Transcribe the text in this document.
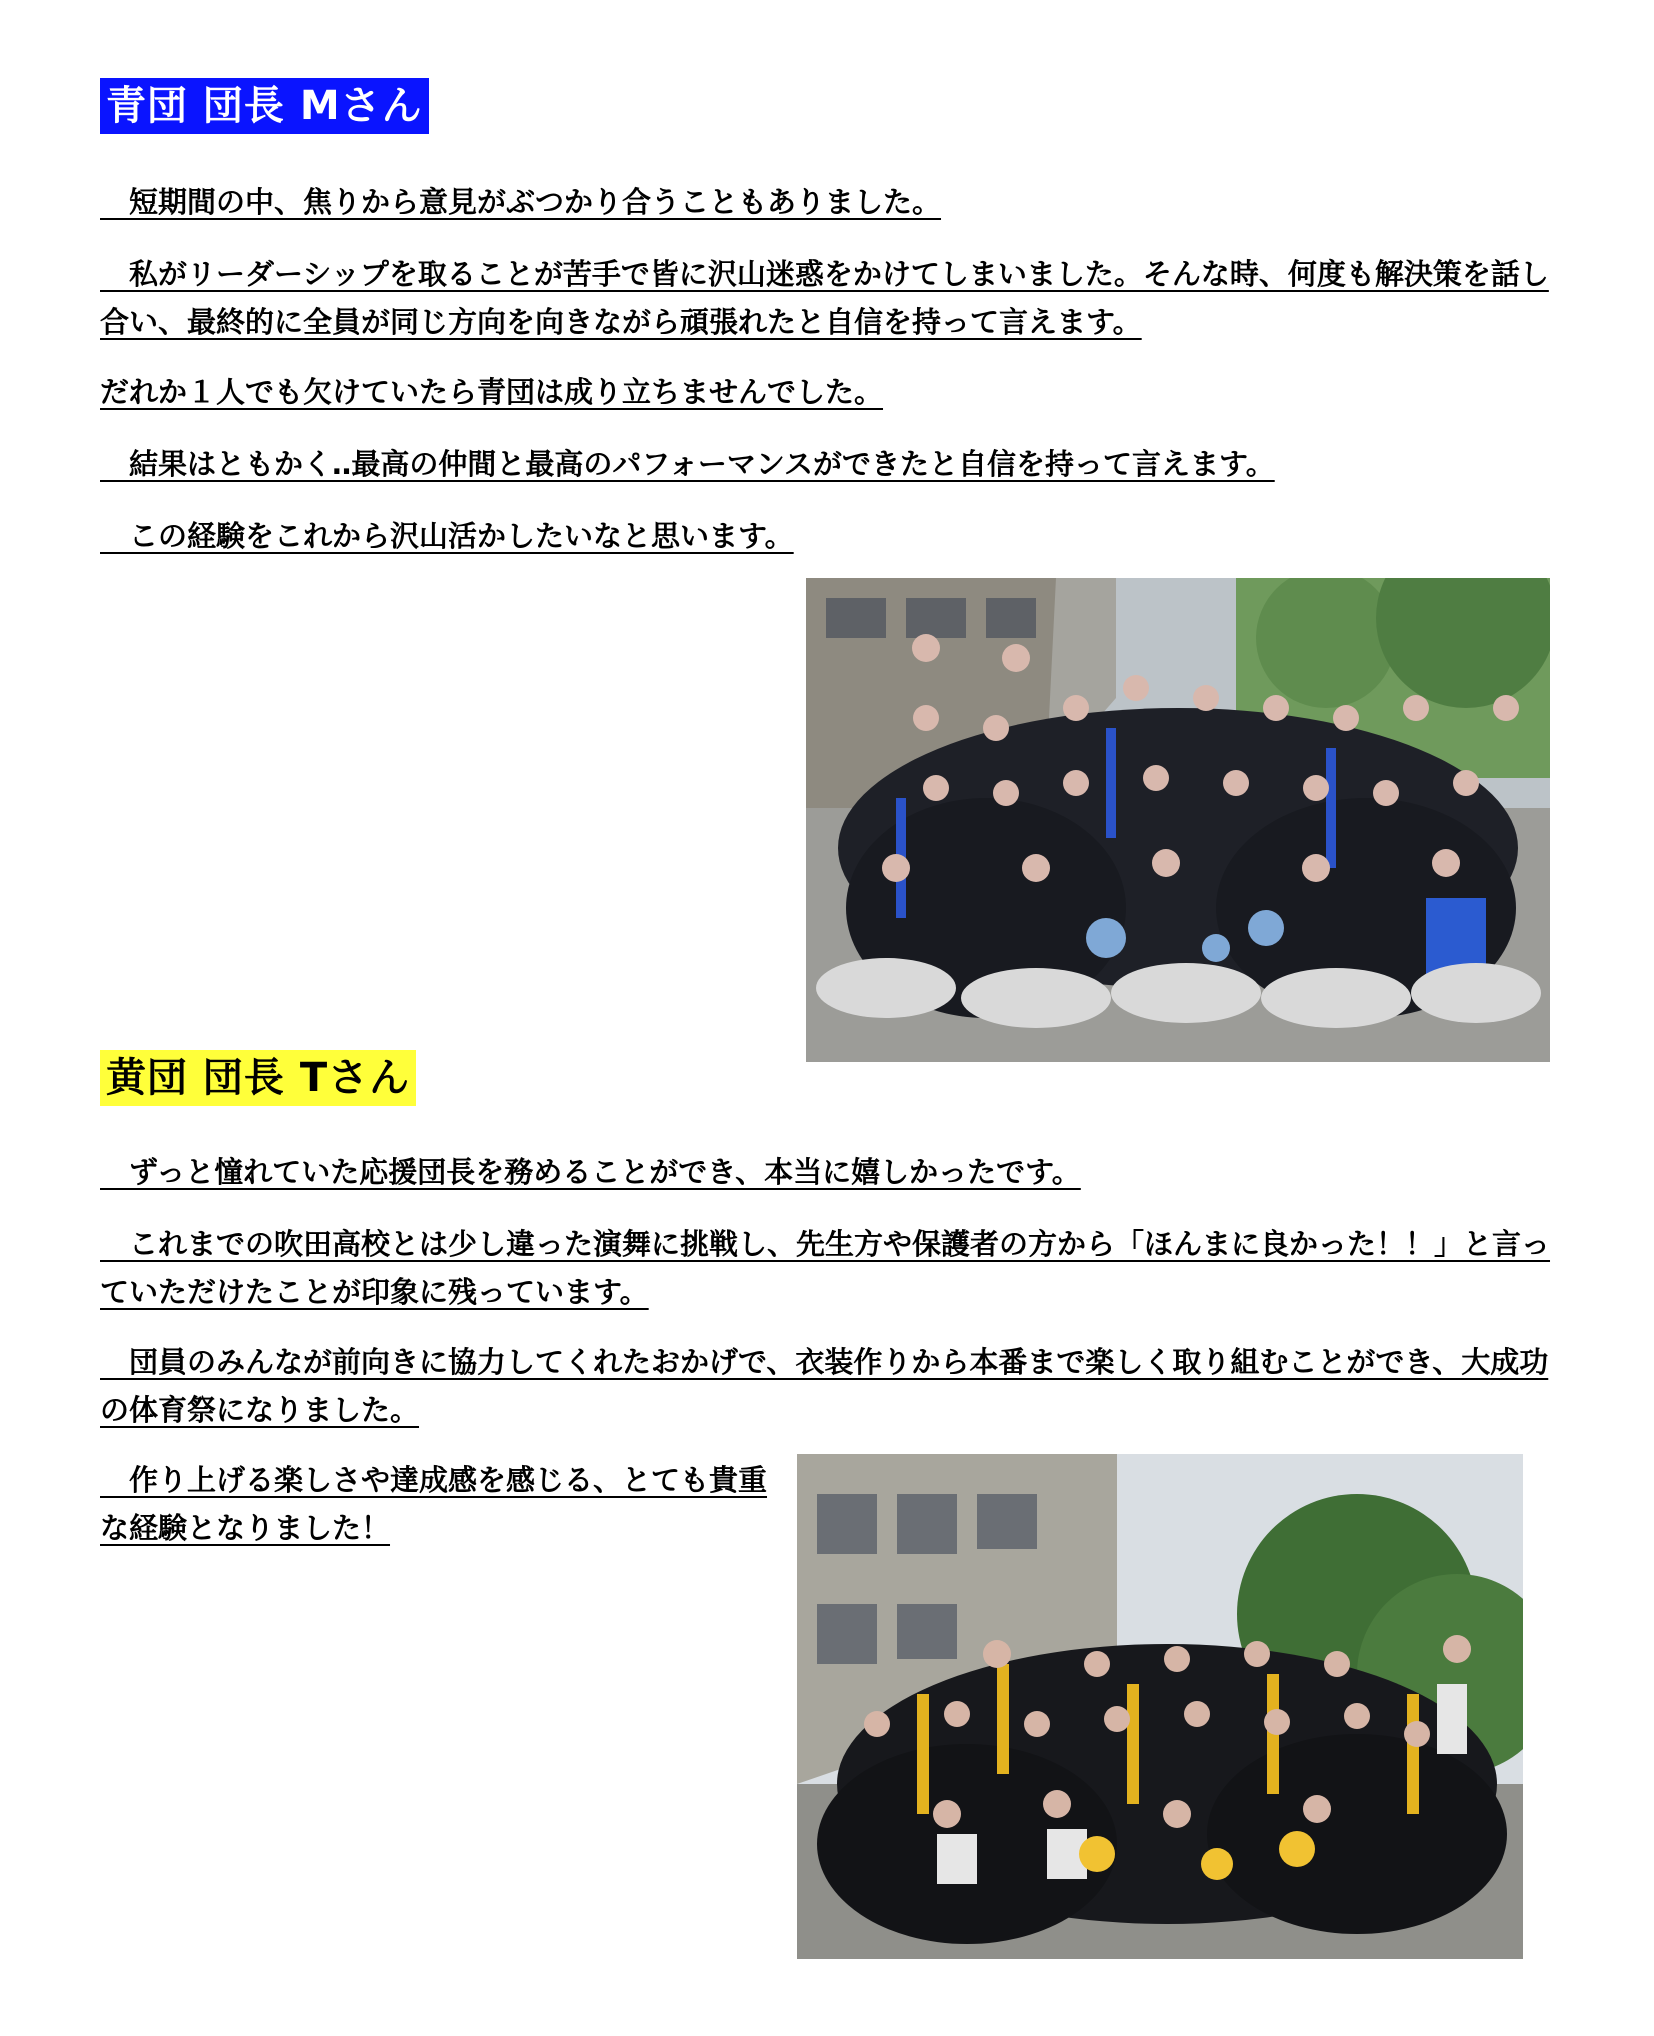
青団 団長 Mさん

　短期間の中、焦りから意見がぶつかり合うこともありました。

　私がリーダーシップを取ることが苦手で皆に沢山迷惑をかけてしまいました。そんな時、何度も解決策を話し合い、最終的に全員が同じ方向を向きながら頑張れたと自信を持って言えます。

だれか１人でも欠けていたら青団は成り立ちませんでした。

　結果はともかく‥最高の仲間と最高のパフォーマンスができたと自信を持って言えます。

　この経験をこれから沢山活かしたいなと思います。

黄団 団長 Tさん

　ずっと憧れていた応援団長を務めることができ、本当に嬉しかったです。

　これまでの吹田高校とは少し違った演舞に挑戦し、先生方や保護者の方から「ほんまに良かった！！」と言っていただけたことが印象に残っています。

　団員のみんなが前向きに協力してくれたおかげで、衣装作りから本番まで楽しく取り組むことができ、大成功の体育祭になりました。

　作り上げる楽しさや達成感を感じる、とても貴重な経験となりました！
